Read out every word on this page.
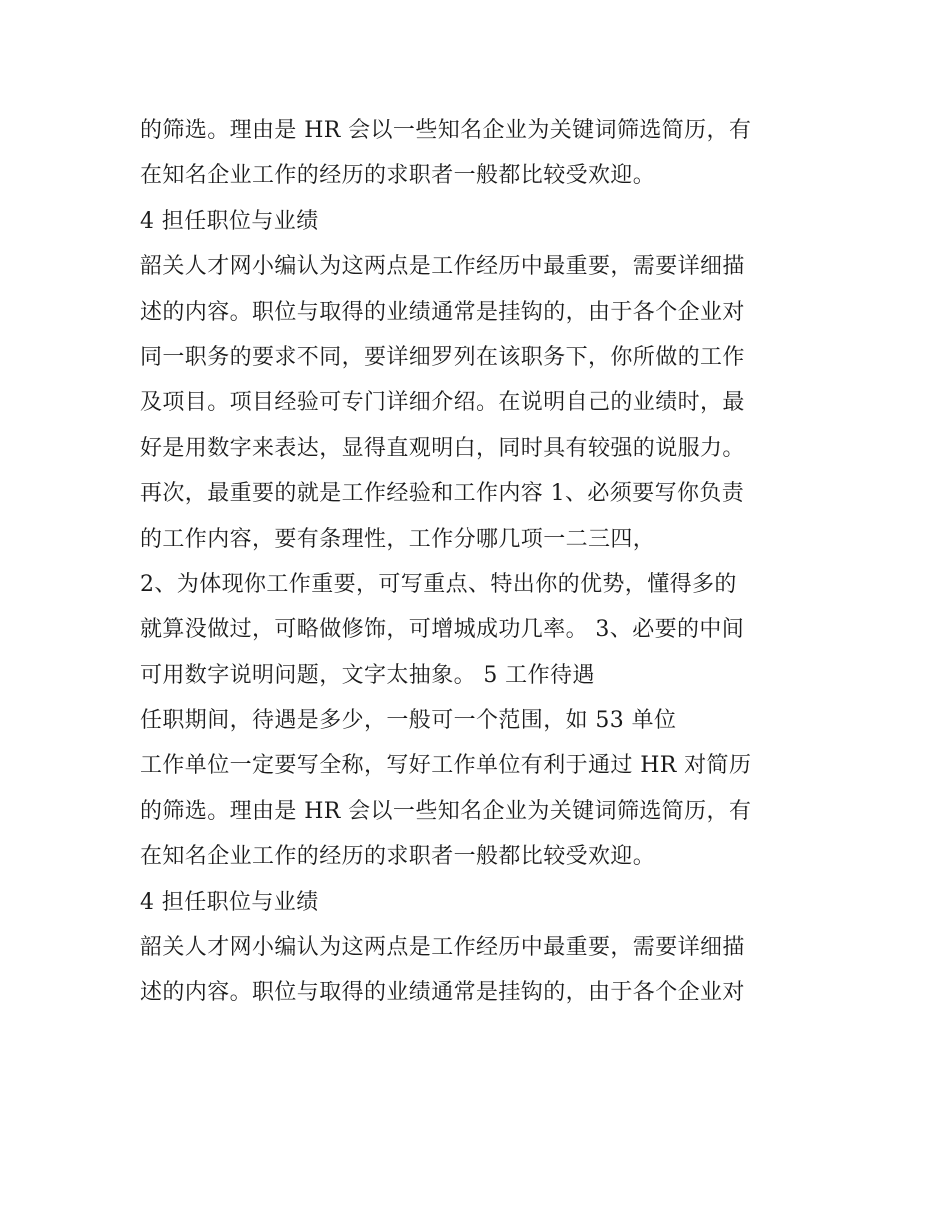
的筛选。理由是 HR 会以一些知名企业为关键词筛选简历，有
在知名企业工作的经历的求职者一般都比较受欢迎。
4 担任职位与业绩
韶关人才网小编认为这两点是工作经历中最重要，需要详细描
述的内容。职位与取得的业绩通常是挂钩的，由于各个企业对
同一职务的要求不同，要详细罗列在该职务下，你所做的工作
及项目。项目经验可专门详细介绍。在说明自己的业绩时，最
好是用数字来表达，显得直观明白，同时具有较强的说服力。
再次，最重要的就是工作经验和工作内容 1、必须要写你负责
的工作内容，要有条理性，工作分哪几项一二三四，
2、为体现你工作重要，可写重点、特出你的优势，懂得多的
就算没做过，可略做修饰，可增城成功几率。 3、必要的中间
可用数字说明问题，文字太抽象。 5 工作待遇
任职期间，待遇是多少，一般可一个范围，如 53 单位
工作单位一定要写全称，写好工作单位有利于通过 HR 对简历
的筛选。理由是 HR 会以一些知名企业为关键词筛选简历，有
在知名企业工作的经历的求职者一般都比较受欢迎。
4 担任职位与业绩
韶关人才网小编认为这两点是工作经历中最重要，需要详细描
述的内容。职位与取得的业绩通常是挂钩的，由于各个企业对
